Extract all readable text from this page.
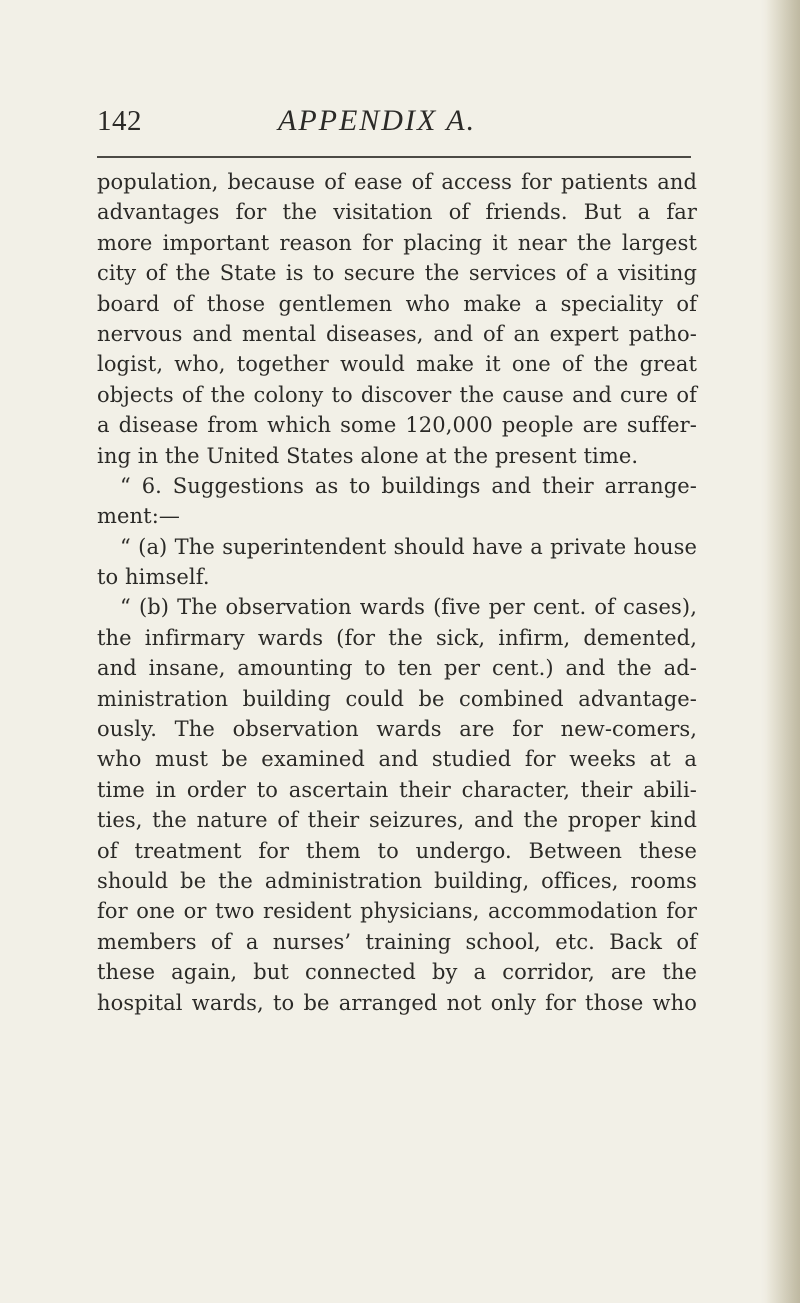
142	APPENDIX A.
population, because of ease of access for patients and
advantages for the visitation of friends. But a far
more important reason for placing it near the largest
city of the State is to secure the services of a visiting
board of those gentlemen who make a speciality of
nervous and mental diseases, and of an expert patho-
logist, who, together would make it one of the great
objects of the colony to discover the cause and cure of
a disease from which some 120,000 people are suffer-
ing in the United States alone at the present time.
“ 6. Suggestions as to buildings and their arrange-
ment:—
“ (a) The superintendent should have a private house
to himself.
“ (b) The observation wards (five per cent. of cases),
the infirmary wards (for the sick, infirm, demented,
and insane, amounting to ten per cent.) and the ad-
ministration building could be combined advantage-
ously. The observation wards are for new-comers,
who must be examined and studied for weeks at a
time in order to ascertain their character, their abili-
ties, the nature of their seizures, and the proper kind
of treatment for them to undergo. Between these
should be the administration building, offices, rooms
for one or two resident physicians, accommodation for
members of a nurses’ training school, etc. Back of
these again, but connected by a corridor, are the
hospital wards, to be arranged not only for those who
